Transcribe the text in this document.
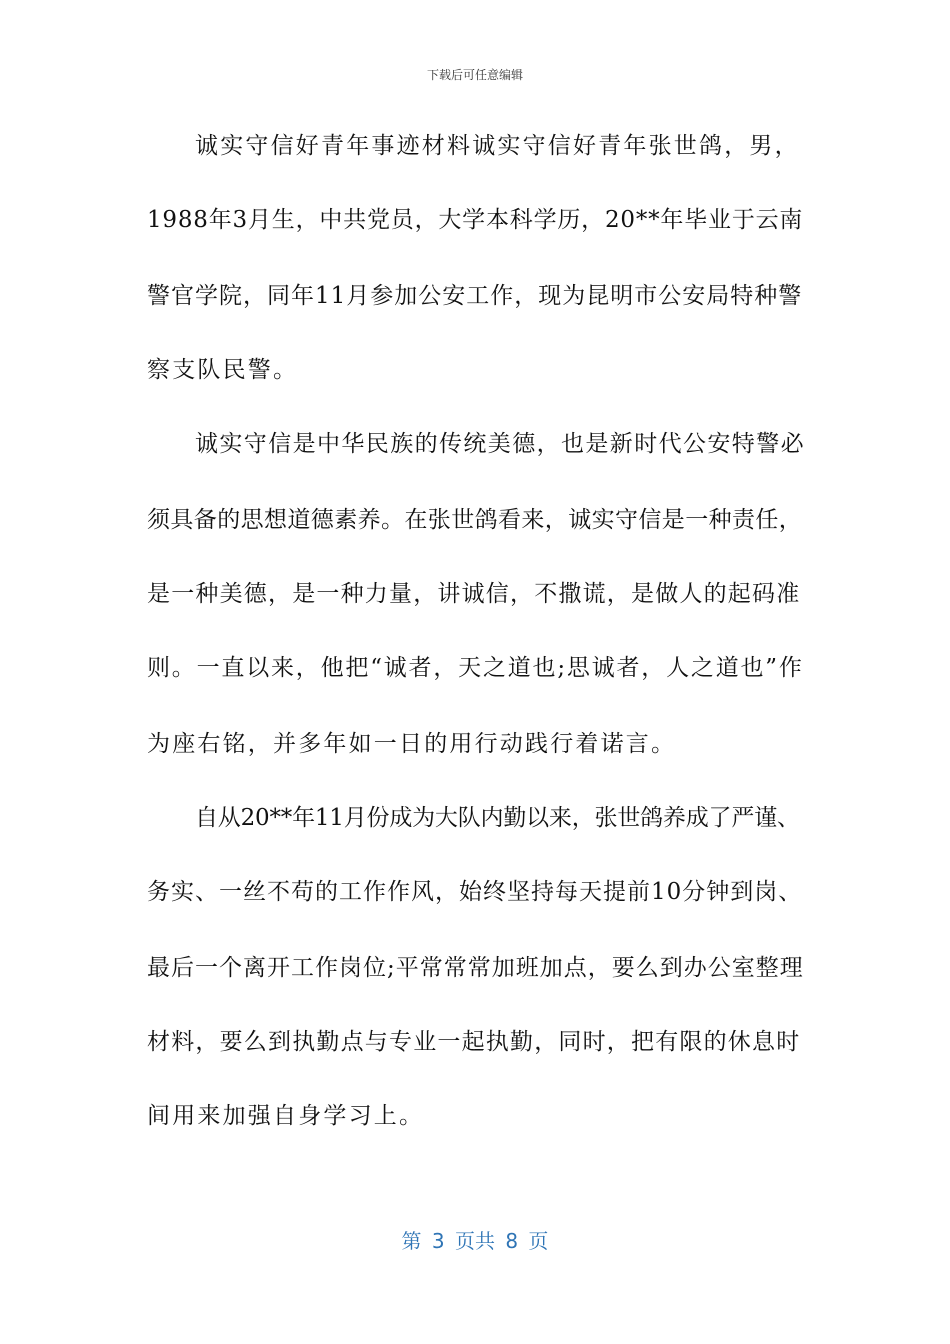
下载后可任意编辑
诚实守信好青年事迹材料诚实守信好青年张世鸽，男，
1988年3月生，中共党员，大学本科学历，20**年毕业于云南
警官学院，同年11月参加公安工作，现为昆明市公安局特种警
察支队民警。
诚实守信是中华民族的传统美德，也是新时代公安特警必
须具备的思想道德素养。在张世鸽看来，诚实守信是一种责任，
是一种美德，是一种力量，讲诚信，不撒谎，是做人的起码准
则。一直以来，他把“诚者，天之道也;思诚者，人之道也”作
为座右铭，并多年如一日的用行动践行着诺言。
自从20**年11月份成为大队内勤以来，张世鸽养成了严谨、
务实、一丝不苟的工作作风，始终坚持每天提前10分钟到岗、
最后一个离开工作岗位;平常常常加班加点，要么到办公室整理
材料，要么到执勤点与专业一起执勤，同时，把有限的休息时
间用来加强自身学习上。
第 3 页共 8 页
